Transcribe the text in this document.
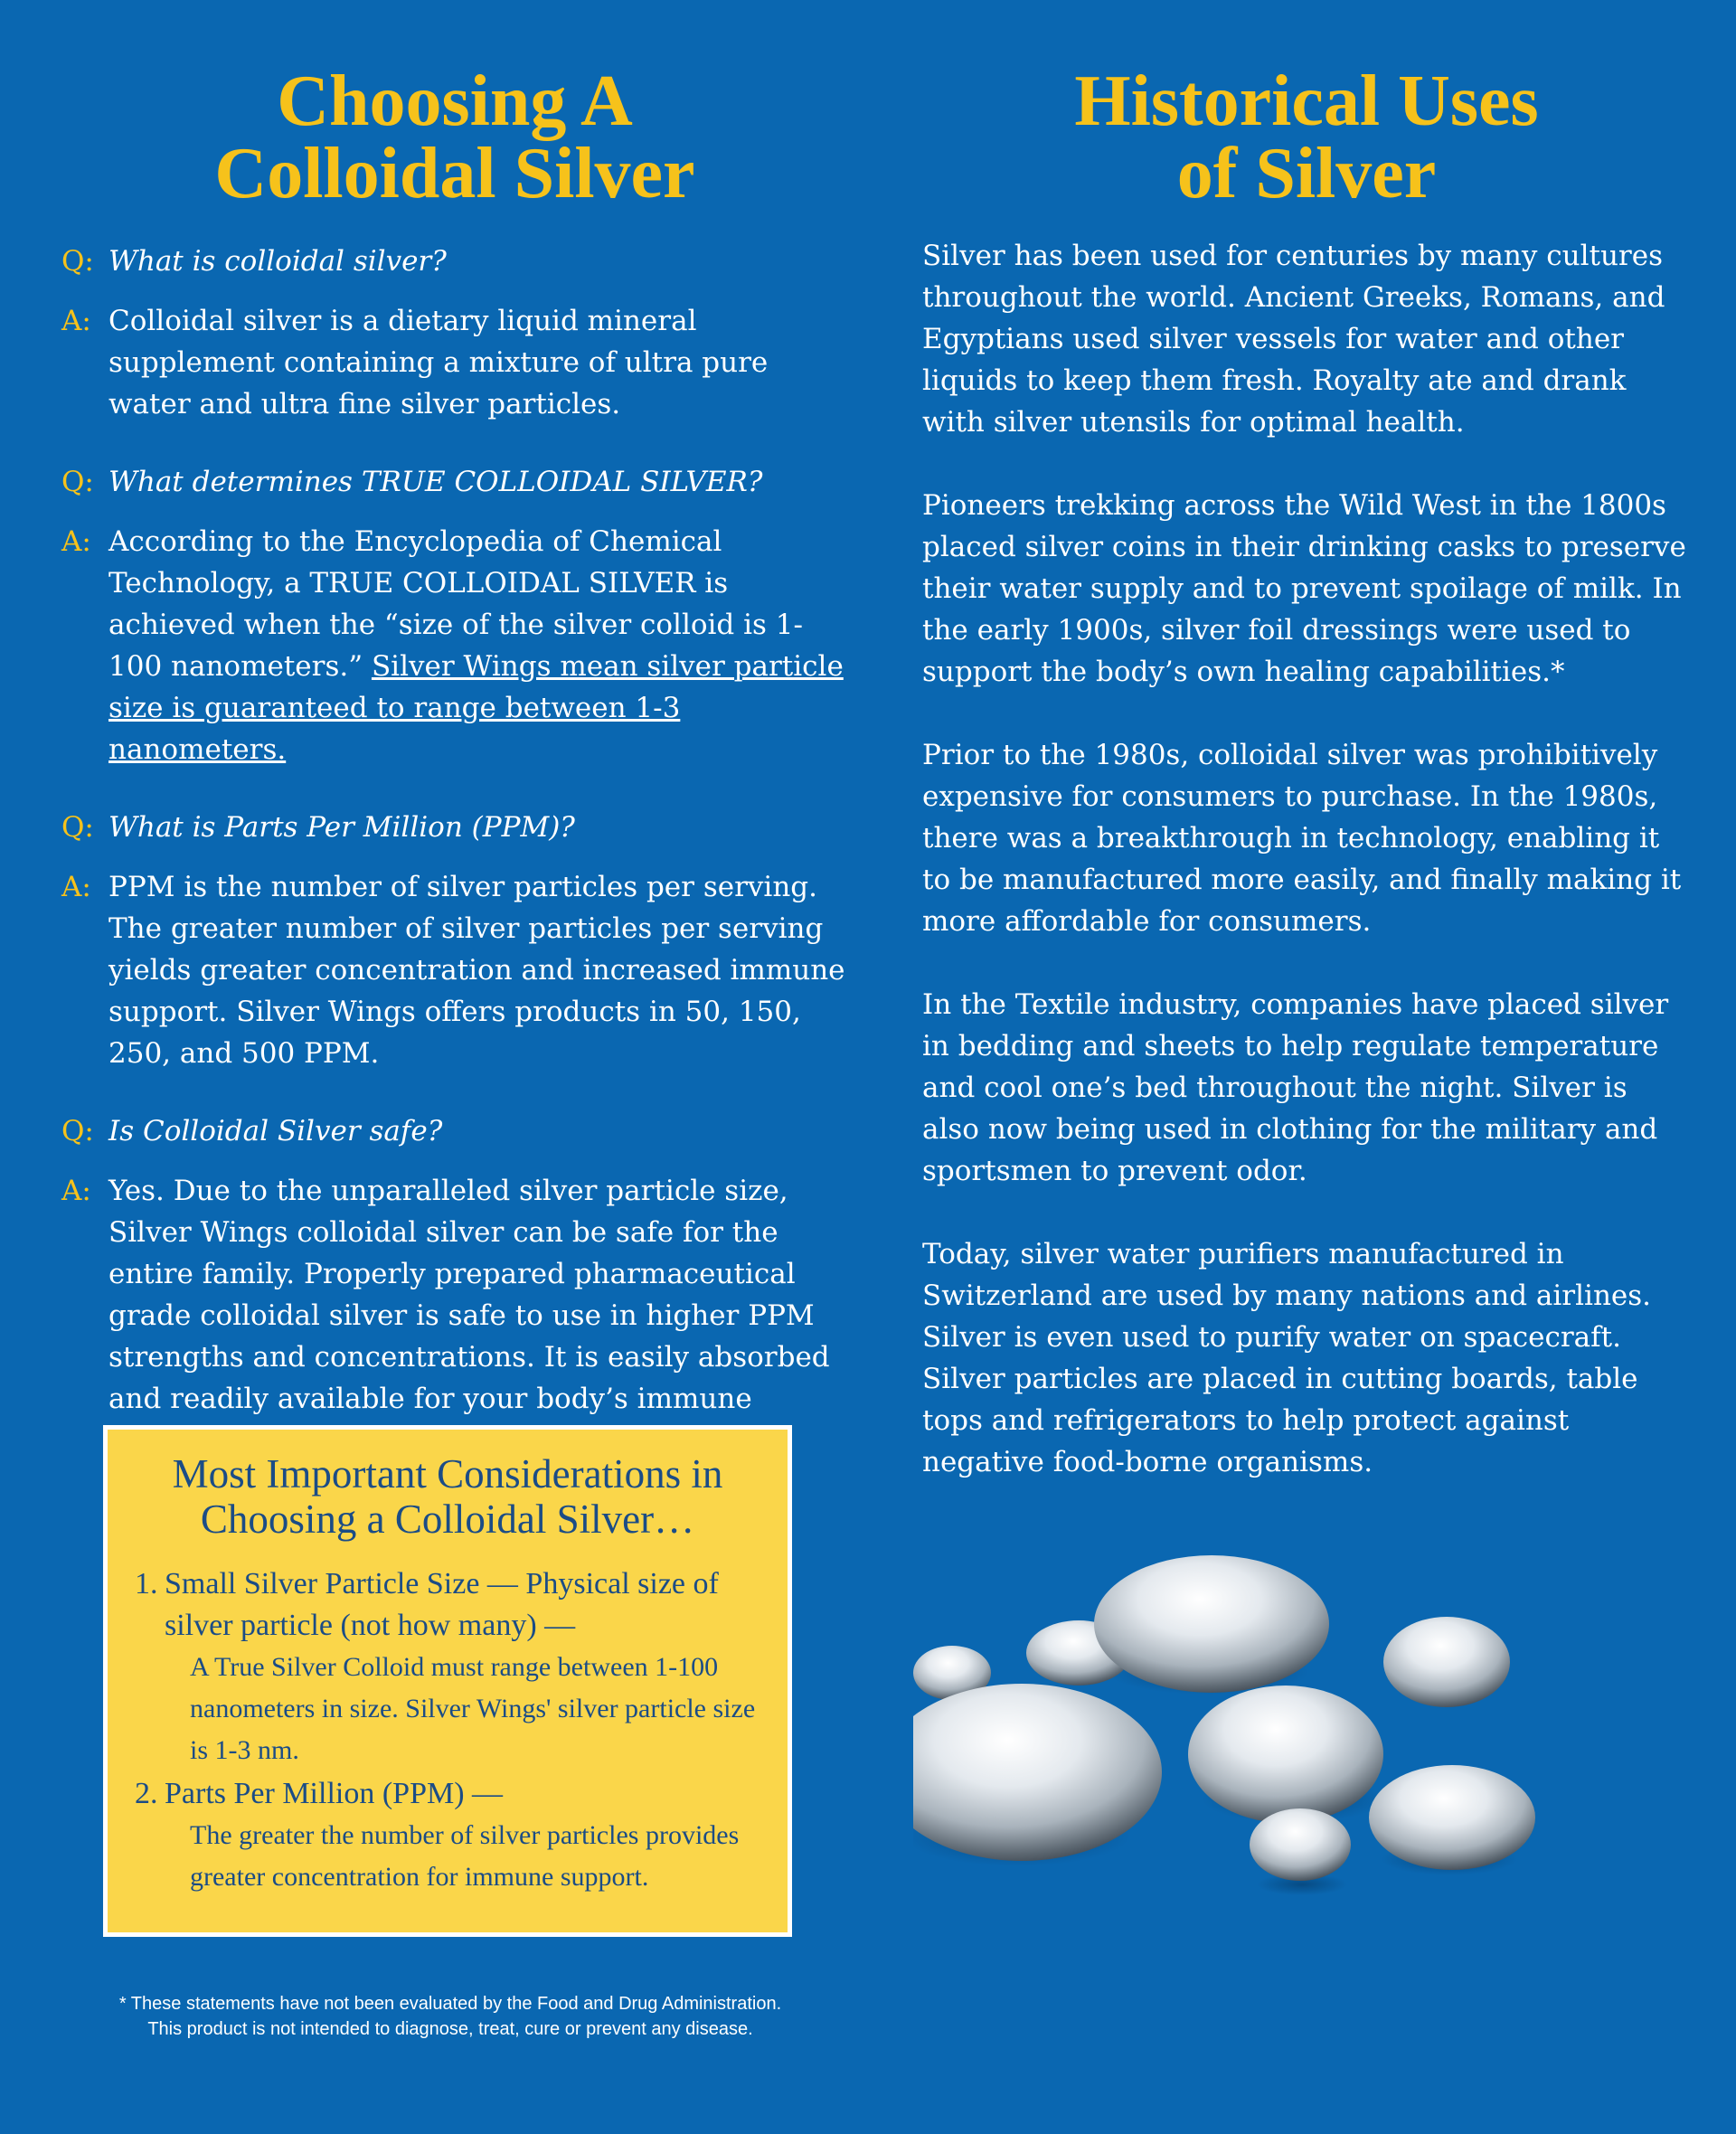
Choosing A
Colloidal Silver
Q: What is colloidal silver?
A: Colloidal silver is a dietary liquid mineral supplement containing a mixture of ultra pure water and ultra fine silver particles.

Q: What determines TRUE COLLOIDAL SILVER?
A: According to the Encyclopedia of Chemical Technology, a TRUE COLLOIDAL SILVER is achieved when the “size of the silver colloid is 1-100 nanometers.” Silver Wings mean silver particle size is guaranteed to range between 1-3 nanometers.

Q: What is Parts Per Million (PPM)?
A: PPM is the number of silver particles per serving.

The greater number of silver particles per serving yields greater concentration and increased immune support. Silver Wings offers products in 50, 150, 250, and 500 PPM.

Q: Is Colloidal Silver safe?
A: Yes. Due to the unparalleled silver particle size, Silver Wings colloidal silver can be safe for the entire family. Properly prepared pharmaceutical grade colloidal silver is safe to use in higher PPM strengths and concentrations. It is easily absorbed and readily available for your body’s immune

Historical Uses
of Silver

Silver has been used for centuries by many cultures throughout the world. Ancient Greeks, Romans, and Egyptians used silver vessels for water and other liquids to keep them fresh. Royalty ate and drank with silver utensils for optimal health.

Pioneers trekking across the Wild West in the 1800s placed silver coins in their drinking casks to preserve their water supply and to prevent spoilage of milk. In the early 1900s, silver foil dressings were used to support the body’s own healing capabilities.*

Prior to the 1980s, colloidal silver was prohibitively expensive for consumers to purchase. In the 1980s, there was a breakthrough in technology, enabling it to be manufactured more easily, and finally making it more affordable for consumers.

In the Textile industry, companies have placed silver in bedding and sheets to help regulate temperature and cool one’s bed throughout the night. Silver is also now being used in clothing for the military and sportsmen to prevent odor.

Today, silver water purifiers manufactured in Switzerland are used by many nations and airlines. Silver is even used to purify water on spacecraft. Silver particles are placed in cutting boards, table tops and refrigerators to help protect against negative food-borne organisms.

Most Important Considerations in
Choosing a Colloidal Silver…
1. Small Silver Particle Size — Physical size of silver particle (not how many) —
A True Silver Colloid must range between 1-100 nanometers in size. Silver Wings' silver particle size is 1-3 nm.
2. Parts Per Million (PPM) —
The greater the number of silver particles provides greater concentration for immune support.
* These statements have not been evaluated by the Food and Drug Administration.
This product is not intended to diagnose, treat, cure or prevent any disease.
